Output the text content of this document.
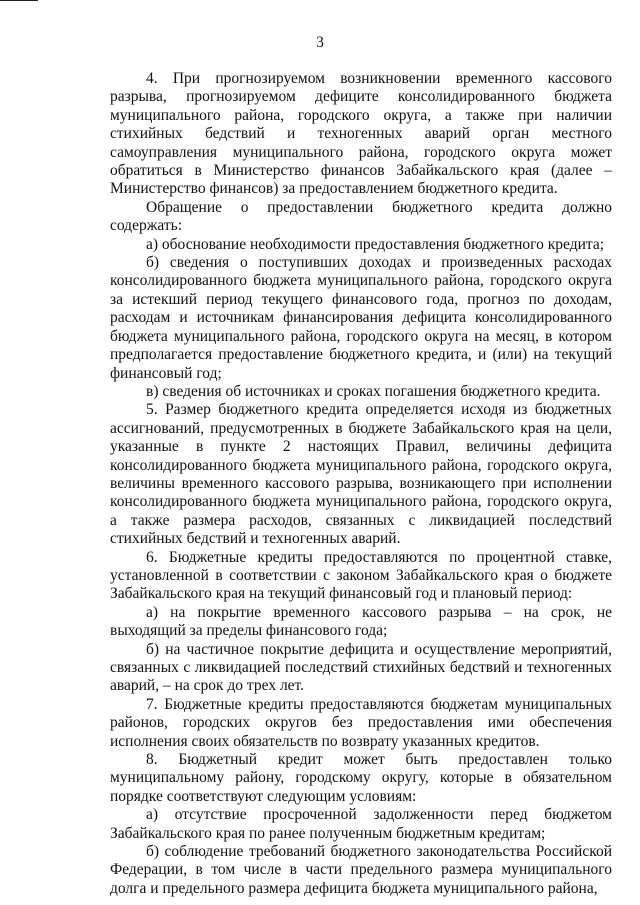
3

4. При прогнозируемом возникновении временного кассового разрыва, прогнозируемом дефиците консолидированного бюджета муниципального района, городского округа, а также при наличии стихийных бедствий и техногенных аварий орган местного самоуправления муниципального района, городского округа может обратиться в Министерство финансов Забайкальского края (далее – Министерство финансов) за предоставлением бюджетного кредита.

Обращение о предоставлении бюджетного кредита должно содержать:

а) обоснование необходимости предоставления бюджетного кредита;

б) сведения о поступивших доходах и произведенных расходах консолидированного бюджета муниципального района, городского округа за истекший период текущего финансового года, прогноз по доходам, расходам и источникам финансирования дефицита консолидированного бюджета муниципального района, городского округа на месяц, в котором предполагается предоставление бюджетного кредита, и (или) на текущий финансовый год;

в) сведения об источниках и сроках погашения бюджетного кредита.

5. Размер бюджетного кредита определяется исходя из бюджетных ассигнований, предусмотренных в бюджете Забайкальского края на цели, указанные в пункте 2 настоящих Правил, величины дефицита консолидированного бюджета муниципального района, городского округа, величины временного кассового разрыва, возникающего при исполнении консолидированного бюджета муниципального района, городского округа, а также размера расходов, связанных с ликвидацией последствий стихийных бедствий и техногенных аварий.

6. Бюджетные кредиты предоставляются по процентной ставке, установленной в соответствии с законом Забайкальского края о бюджете Забайкальского края на текущий финансовый год и плановый период:

а) на покрытие временного кассового разрыва – на срок, не выходящий за пределы финансового года;

б) на частичное покрытие дефицита и осуществление мероприятий, связанных с ликвидацией последствий стихийных бедствий и техногенных аварий, – на срок до трех лет.

7. Бюджетные кредиты предоставляются бюджетам муниципальных районов, городских округов без предоставления ими обеспечения исполнения своих обязательств по возврату указанных кредитов.

8. Бюджетный кредит может быть предоставлен только муниципальному району, городскому округу, которые в обязательном порядке соответствуют следующим условиям:

а) отсутствие просроченной задолженности перед бюджетом Забайкальского края по ранее полученным бюджетным кредитам;

б) соблюдение требований бюджетного законодательства Российской Федерации, в том числе в части предельного размера муниципального долга и предельного размера дефицита бюджета муниципального района,
